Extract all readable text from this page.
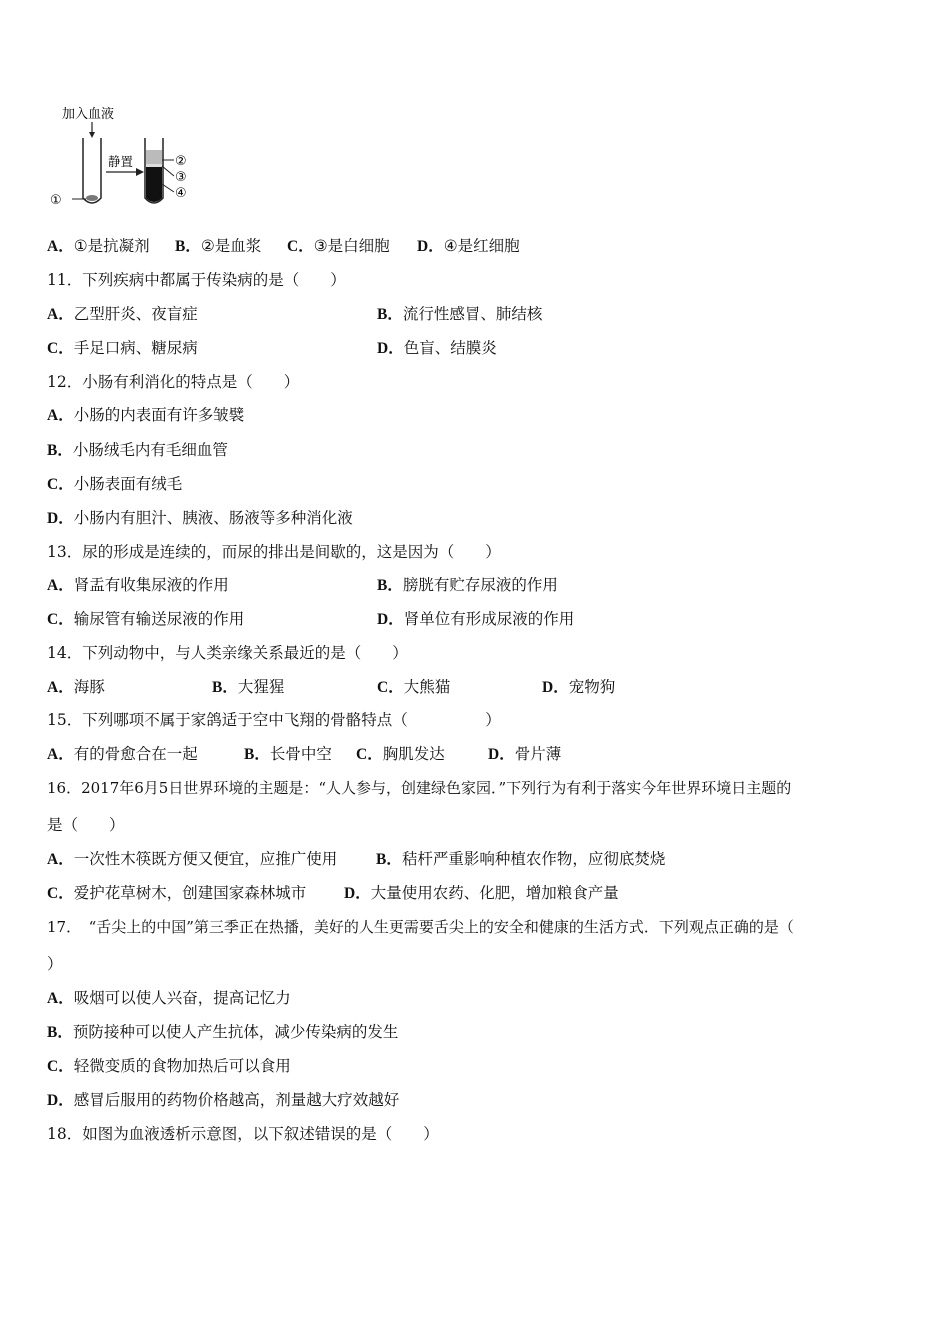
加入血液
①
静置	②
③
④
A．①是抗凝剂 B．②是血浆 C．③是白细胞 D．④是红细胞
11．下列疾病中都属于传染病的是（　　）
A．乙型肝炎、夜盲症	B．流行性感冒、肺结核
C．手足口病、糖尿病	D．色盲、结膜炎
12．小肠有利消化的特点是（　　）
A．小肠的内表面有许多皱襞
B．小肠绒毛内有毛细血管
C．小肠表面有绒毛
D．小肠内有胆汁、胰液、肠液等多种消化液
13．尿的形成是连续的，而尿的排出是间歇的，这是因为（　　）
A．肾盂有收集尿液的作用	B．膀胱有贮存尿液的作用
C．输尿管有输送尿液的作用	D．肾单位有形成尿液的作用
14．下列动物中，与人类亲缘关系最近的是（　　）
A．海豚	B．大猩猩	C．大熊猫	D．宠物狗
15．下列哪项不属于家鸽适于空中飞翔的骨骼特点（　　　　　）
A．有的骨愈合在一起	B．长骨中空 C．胸肌发达	D．骨片薄
16．2017年6月5日世界环境的主题是：“人人参与，创建绿色家园．”下列行为有利于落实今年世界环境日主题的
是（　　）
A．一次性木筷既方便又便宜，应推广使用	B．秸杆严重影响种植农作物，应彻底焚烧
C．爱护花草树木，创建国家森林城市 D．大量使用农药、化肥，增加粮食产量
17．　“舌尖上的中国”第三季正在热播，美好的人生更需要舌尖上的安全和健康的生活方式．下列观点正确的是（
）
A．吸烟可以使人兴奋，提高记忆力
B．预防接种可以使人产生抗体，减少传染病的发生
C．轻微变质的食物加热后可以食用
D．感冒后服用的药物价格越高，剂量越大疗效越好
18．如图为血液透析示意图，以下叙述错误的是（　　）
